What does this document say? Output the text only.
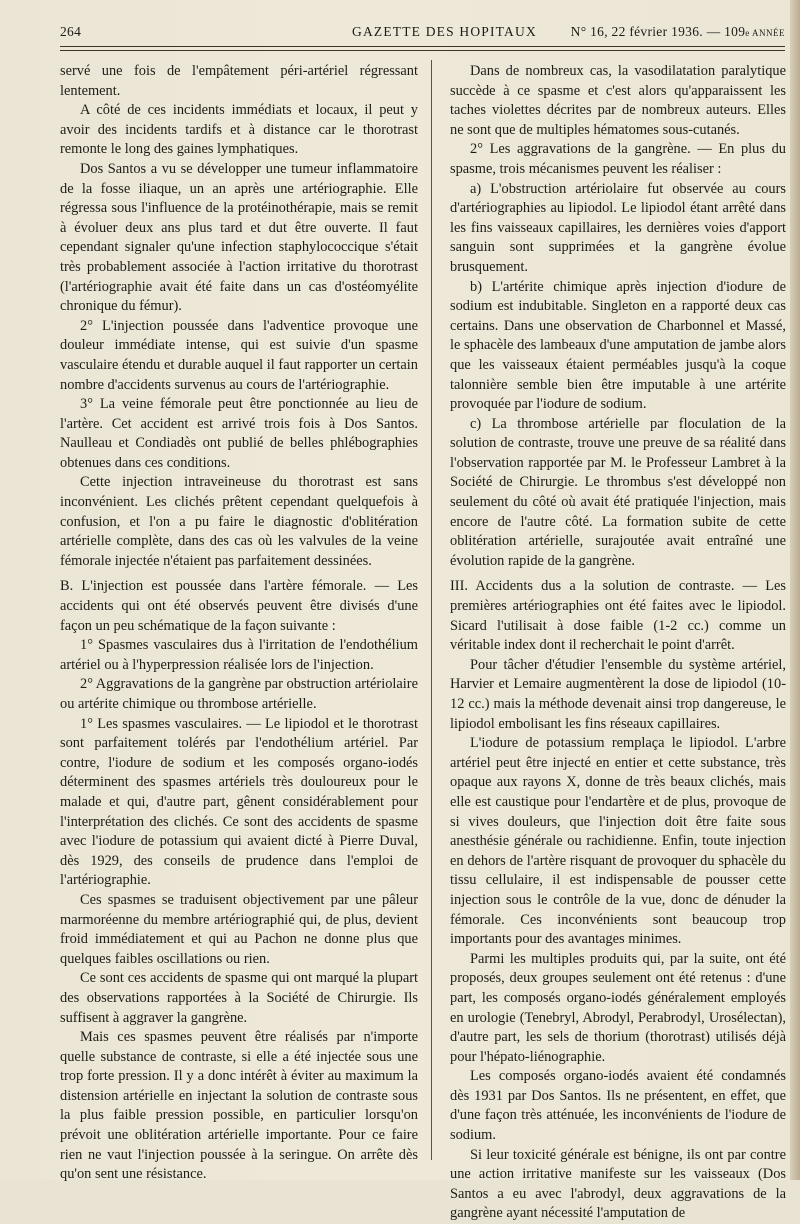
264	GAZETTE DES HOPITAUX	N° 16, 22 février 1936. — 109e ANNÉE

servé une fois de l'empâtement péri-artériel régressant lentement.

A côté de ces incidents immédiats et locaux, il peut y avoir des incidents tardifs et à distance car le thorotrast remonte le long des gaines lymphatiques.

Dos Santos a vu se développer une tumeur inflammatoire de la fosse iliaque, un an après une artériographie. Elle régressa sous l'influence de la protéinothérapie, mais se remit à évoluer deux ans plus tard et dut être ouverte. Il faut cependant signaler qu'une infection staphylococcique s'était très probablement associée à l'action irritative du thorotrast (l'artériographie avait été faite dans un cas d'ostéomyélite chronique du fémur).

2° L'injection poussée dans l'adventice provoque une douleur immédiate intense, qui est suivie d'un spasme vasculaire étendu et durable auquel il faut rapporter un certain nombre d'accidents survenus au cours de l'artériographie.

3° La veine fémorale peut être ponctionnée au lieu de l'artère. Cet accident est arrivé trois fois à Dos Santos. Naulleau et Condiadès ont publié de belles phlébographies obtenues dans ces conditions.

Cette injection intraveineuse du thorotrast est sans inconvénient. Les clichés prêtent cependant quelquefois à confusion, et l'on a pu faire le diagnostic d'oblitération artérielle complète, dans des cas où les valvules de la veine fémorale injectée n'étaient pas parfaitement dessinées.

B. L'injection est poussée dans l'artère fémorale. — Les accidents qui ont été observés peuvent être divisés d'une façon un peu schématique de la façon suivante :

1° Spasmes vasculaires dus à l'irritation de l'endothélium artériel ou à l'hyperpression réalisée lors de l'injection.

2° Aggravations de la gangrène par obstruction artériolaire ou artérite chimique ou thrombose artérielle.

1° Les spasmes vasculaires. — Le lipiodol et le thorotrast sont parfaitement tolérés par l'endothélium artériel. Par contre, l'iodure de sodium et les composés organo-iodés déterminent des spasmes artériels très douloureux pour le malade et qui, d'autre part, gênent considérablement pour l'interprétation des clichés. Ce sont des accidents de spasme avec l'iodure de potassium qui avaient dicté à Pierre Duval, dès 1929, des conseils de prudence dans l'emploi de l'artériographie.

Ces spasmes se traduisent objectivement par une pâleur marmoréenne du membre artériographié qui, de plus, devient froid immédiatement et qui au Pachon ne donne plus que quelques faibles oscillations ou rien.

Ce sont ces accidents de spasme qui ont marqué la plupart des observations rapportées à la Société de Chirurgie. Ils suffisent à aggraver la gangrène.

Mais ces spasmes peuvent être réalisés par n'importe quelle substance de contraste, si elle a été injectée sous une trop forte pression. Il y a donc intérêt à éviter au maximum la distension artérielle en injectant la solution de contraste sous la plus faible pression possible, en particulier lorsqu'on prévoit une oblitération artérielle importante. Pour ce faire rien ne vaut l'injection poussée à la seringue. On arrête dès qu'on sent une résistance.

Dans de nombreux cas, la vasodilatation paralytique succède à ce spasme et c'est alors qu'apparaissent les taches violettes décrites par de nombreux auteurs. Elles ne sont que de multiples hématomes sous-cutanés.

2° Les aggravations de la gangrène. — En plus du spasme, trois mécanismes peuvent les réaliser :

a) L'obstruction artériolaire fut observée au cours d'artériographies au lipiodol. Le lipiodol étant arrêté dans les fins vaisseaux capillaires, les dernières voies d'apport sanguin sont supprimées et la gangrène évolue brusquement.

b) L'artérite chimique après injection d'iodure de sodium est indubitable. Singleton en a rapporté deux cas certains. Dans une observation de Charbonnel et Massé, le sphacèle des lambeaux d'une amputation de jambe alors que les vaisseaux étaient perméables jusqu'à la coque talonnière semble bien être imputable à une artérite provoquée par l'iodure de sodium.

c) La thrombose artérielle par floculation de la solution de contraste, trouve une preuve de sa réalité dans l'observation rapportée par M. le Professeur Lambret à la Société de Chirurgie. Le thrombus s'est développé non seulement du côté où avait été pratiquée l'injection, mais encore de l'autre côté. La formation subite de cette oblitération artérielle, surajoutée avait entraîné une évolution rapide de la gangrène.

III. Accidents dus a la solution de contraste. — Les premières artériographies ont été faites avec le lipiodol. Sicard l'utilisait à dose faible (1-2 cc.) comme un véritable index dont il recherchait le point d'arrêt.

Pour tâcher d'étudier l'ensemble du système artériel, Harvier et Lemaire augmentèrent la dose de lipiodol (10-12 cc.) mais la méthode devenait ainsi trop dangereuse, le lipiodol embolisant les fins réseaux capillaires.

L'iodure de potassium remplaça le lipiodol. L'arbre artériel peut être injecté en entier et cette substance, très opaque aux rayons X, donne de très beaux clichés, mais elle est caustique pour l'endartère et de plus, provoque de si vives douleurs, que l'injection doit être faite sous anesthésie générale ou rachidienne. Enfin, toute injection en dehors de l'artère risquant de provoquer du sphacèle du tissu cellulaire, il est indispensable de pousser cette injection sous le contrôle de la vue, donc de dénuder la fémorale. Ces inconvénients sont beaucoup trop importants pour des avantages minimes.

Parmi les multiples produits qui, par la suite, ont été proposés, deux groupes seulement ont été retenus : d'une part, les composés organo-iodés généralement employés en urologie (Tenebryl, Abrodyl, Perabrodyl, Urosélectan), d'autre part, les sels de thorium (thorotrast) utilisés déjà pour l'hépato-liénographie.

Les composés organo-iodés avaient été condamnés dès 1931 par Dos Santos. Ils ne présentent, en effet, que d'une façon très atténuée, les inconvénients de l'iodure de sodium.

Si leur toxicité générale est bénigne, ils ont par contre une action irritative manifeste sur les vaisseaux (Dos Santos a eu avec l'abrodyl, deux aggravations de la gangrène ayant nécessité l'amputation de
